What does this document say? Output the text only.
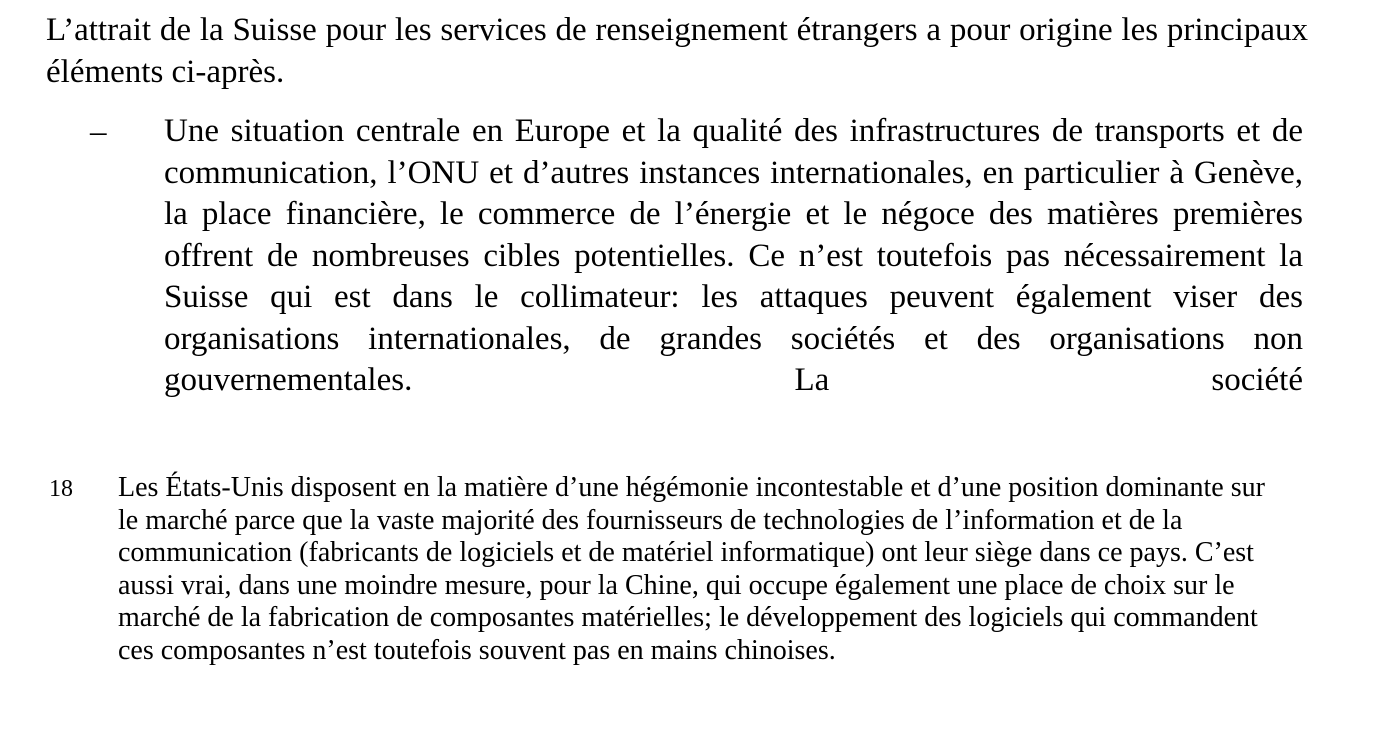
L’attrait de la Suisse pour les services de renseignement étrangers a pour origine les principaux éléments ci-après.

– Une situation centrale en Europe et la qualité des infrastructures de transports et de communication, l’ONU et d’autres instances internationales, en particulier à Genève, la place financière, le commerce de l’énergie et le négoce des matières premières offrent de nombreuses cibles potentielles. Ce n’est toutefois pas nécessairement la Suisse qui est dans le collimateur: les attaques peuvent également viser des organisations internationales, de grandes sociétés et des organisations non gouvernementales. La société

18 Les États-Unis disposent en la matière d’une hégémonie incontestable et d’une position dominante sur le marché parce que la vaste majorité des fournisseurs de technologies de l’information et de la communication (fabricants de logiciels et de matériel informatique) ont leur siège dans ce pays. C’est aussi vrai, dans une moindre mesure, pour la Chine, qui occupe également une place de choix sur le marché de la fabrication de composantes matérielles; le développement des logiciels qui commandent ces composantes n’est toutefois souvent pas en mains chinoises.
